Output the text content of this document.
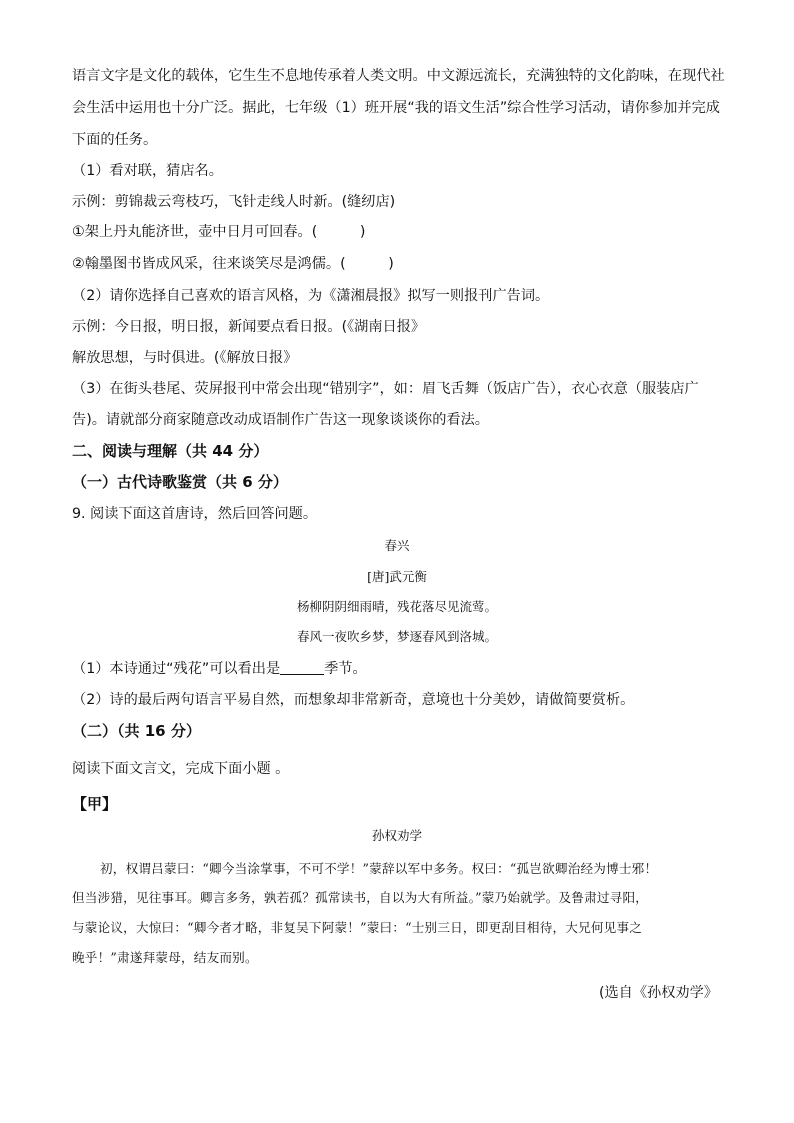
语言文字是文化的载体，它生生不息地传承着人类文明。中文源远流长，充满独特的文化韵味，在现代社
会生活中运用也十分广泛。据此，七年级（1）班开展“我的语文生活”综合性学习活动，请你参加并完成
下面的任务。
（1）看对联，猜店名。
示例：剪锦裁云弯枝巧，飞针走线人时新。(缝纫店)
①架上丹丸能济世，壶中日月可回春。(　　　)
②翰墨图书皆成风采，往来谈笑尽是鸿儒。(　　　)
（2）请你选择自己喜欢的语言风格，为《潇湘晨报》拟写一则报刊广告词。
示例：今日报，明日报，新闻要点看日报。(《湖南日报》
解放思想，与时俱进。(《解放日报》
（3）在街头巷尾、荧屏报刊中常会出现“错别字”，如：眉飞舌舞（饭店广告），衣心衣意（服装店广
告)。请就部分商家随意改动成语制作广告这一现象谈谈你的看法。
二、阅读与理解（共 44 分）
（一）古代诗歌鉴赏（共 6 分）
9. 阅读下面这首唐诗，然后回答问题。
春兴
[唐]武元衡
杨柳阴阴细雨晴，残花落尽见流莺。
春风一夜吹乡梦，梦逐春风到洛城。
（1）本诗通过“残花”可以看出是	季节。
（2）诗的最后两句语言平易自然，而想象却非常新奇，意境也十分美妙，请做简要赏析。
（二）（共 16 分）
阅读下面文言文，完成下面小题 。
【甲】
孙权劝学
初，权谓吕蒙曰：“卿今当涂掌事，不可不学！”蒙辞以军中多务。权曰：“孤岂欲卿治经为博士邪！
但当涉猎，见往事耳。卿言多务，孰若孤？孤常读书，自以为大有所益。”蒙乃始就学。及鲁肃过寻阳，
与蒙论议，大惊曰：“卿今者才略，非复吴下阿蒙！”蒙曰：“士别三日，即更刮目相待，大兄何见事之
晚乎！”肃遂拜蒙母，结友而别。
(选自《孙权劝学》
